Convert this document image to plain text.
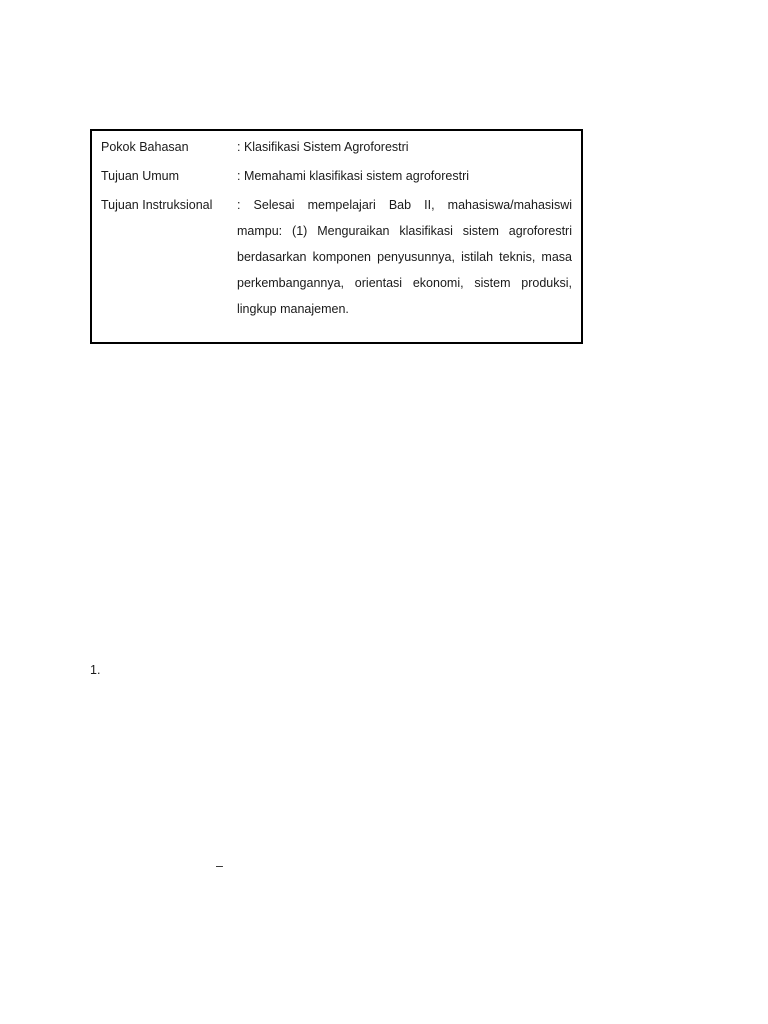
Pokok Bahasan	: Klasifikasi Sistem Agroforestri
Tujuan Umum	: Memahami klasifikasi sistem agroforestri
Tujuan Instruksional	: Selesai mempelajari Bab II, mahasiswa/mahasiswi mampu: (1) Menguraikan klasifikasi sistem agroforestri berdasarkan komponen penyusunnya, istilah teknis, masa perkembangannya, orientasi ekonomi, sistem produksi, lingkup manajemen.
1.
–
